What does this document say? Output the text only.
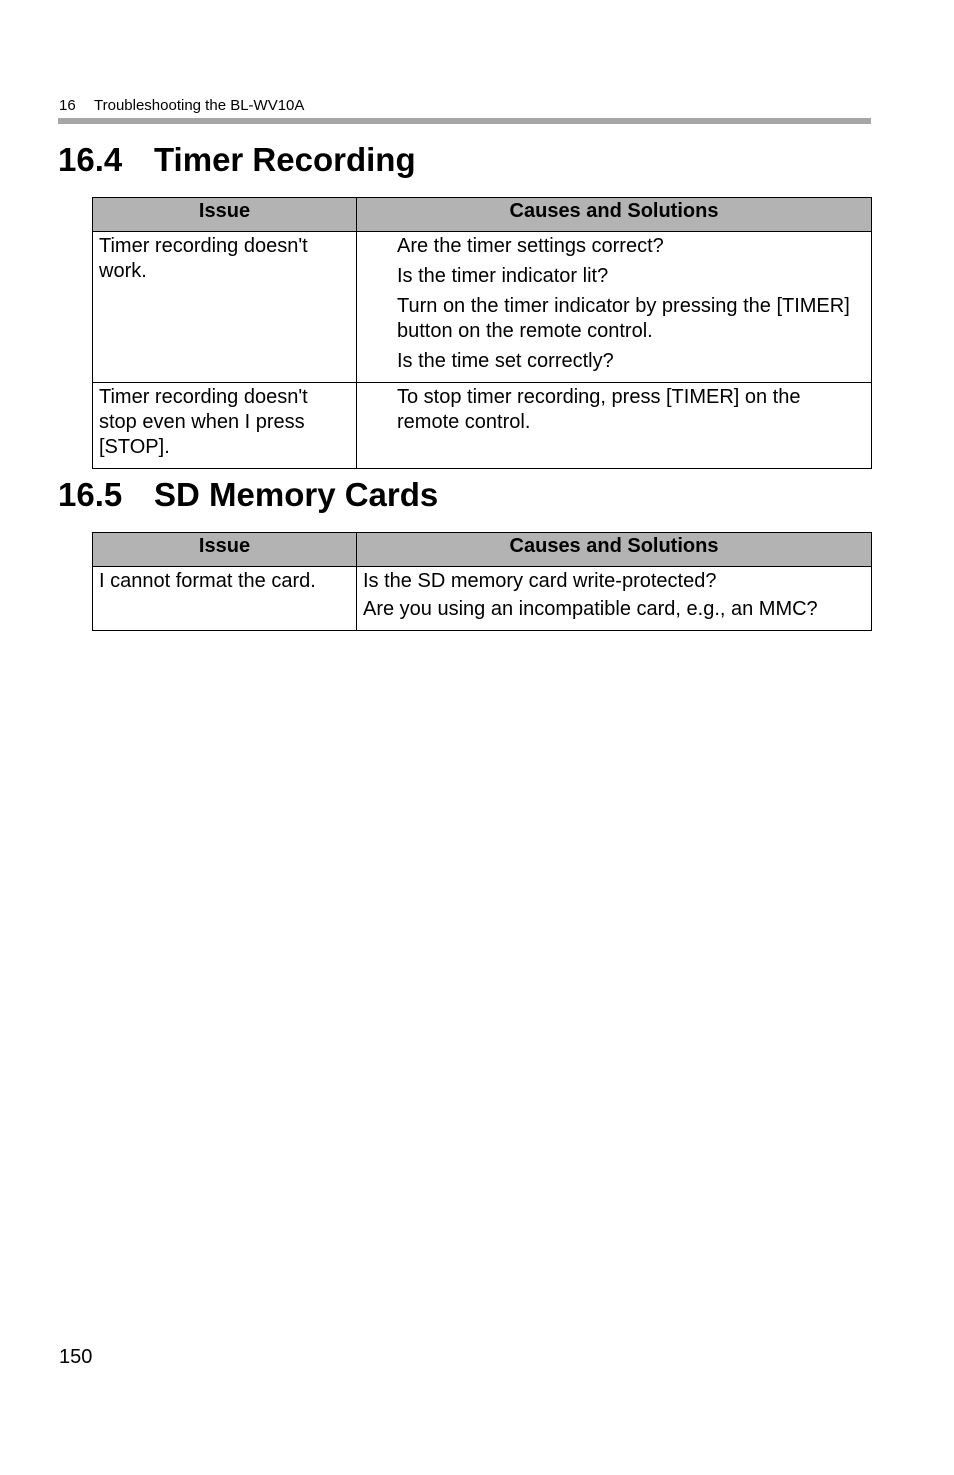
16 Troubleshooting the BL-WV10A
16.4 Timer Recording
Issue	Causes and Solutions
Timer recording doesn't work.	Are the timer settings correct?
Is the timer indicator lit?
Turn on the timer indicator by pressing the [TIMER] button on the remote control.
Is the time set correctly?

Timer recording doesn't stop even when I press [STOP].	To stop timer recording, press [TIMER] on the remote control.
16.5 SD Memory Cards
Issue	Causes and Solutions
I cannot format the card.	Is the SD memory card write-protected?
Are you using an incompatible card, e.g., an MMC?
150
